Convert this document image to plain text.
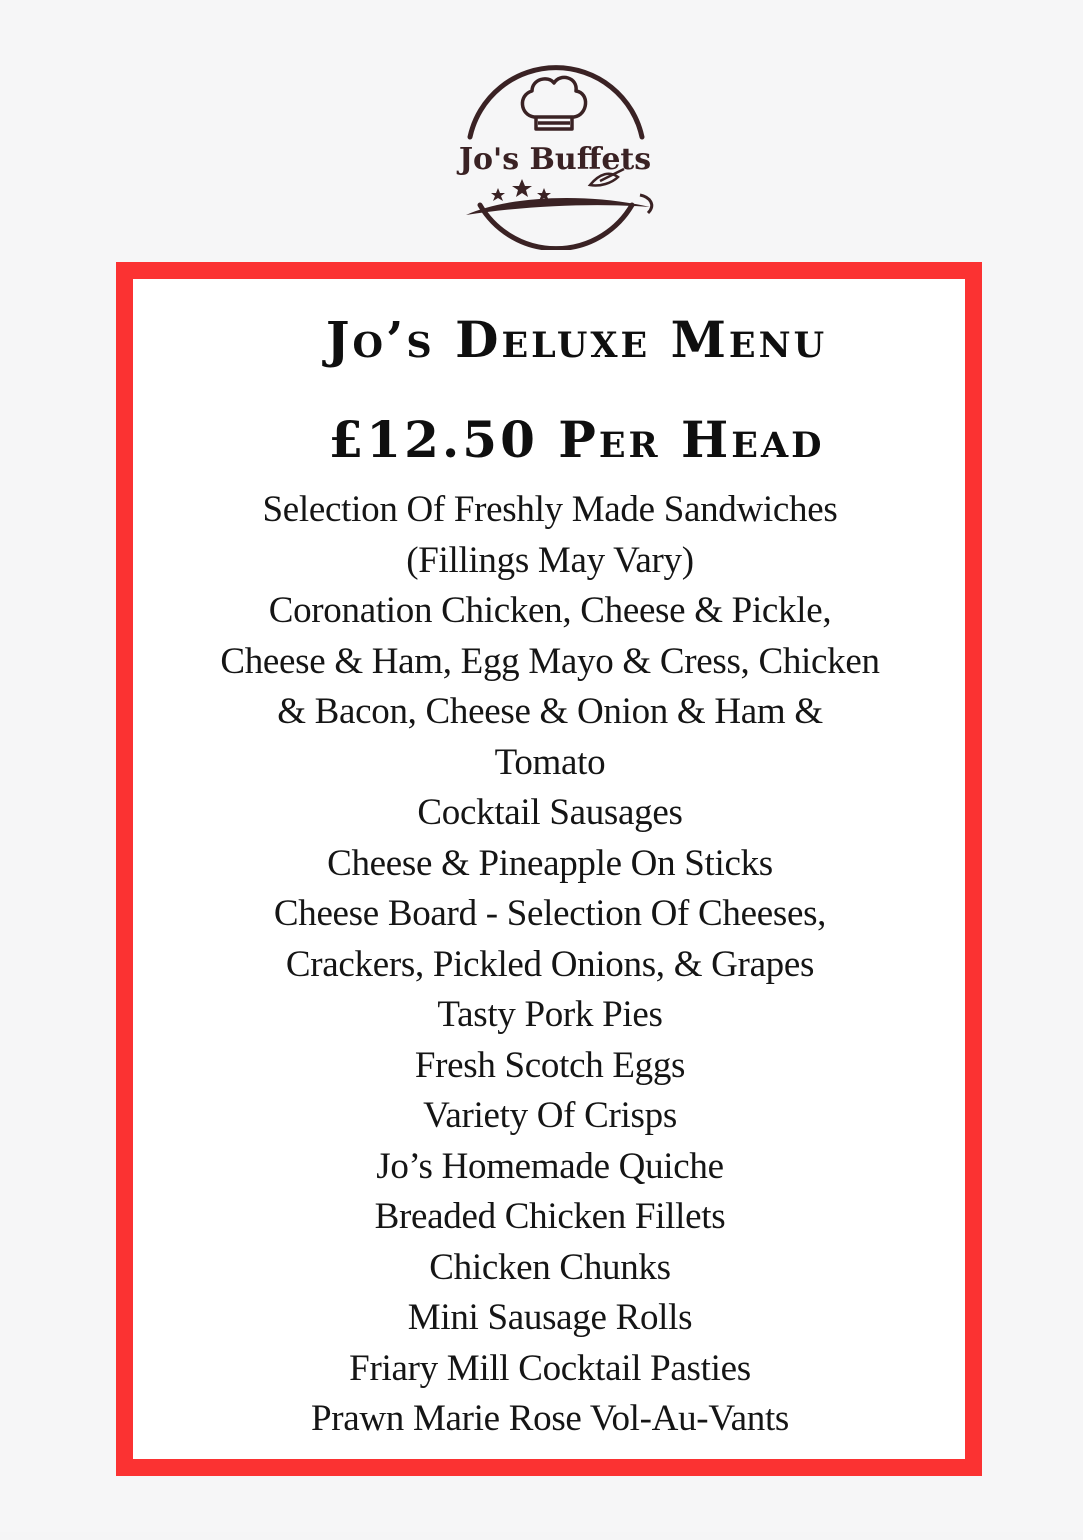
Jo's Buffets
Jo’s Deluxe Menu
£12.50 Per Head
Selection Of Freshly Made Sandwiches
(Fillings May Vary)
Coronation Chicken, Cheese & Pickle,
Cheese & Ham, Egg Mayo & Cress, Chicken
& Bacon, Cheese & Onion & Ham &
Tomato
Cocktail Sausages
Cheese & Pineapple On Sticks
Cheese Board - Selection Of Cheeses,
Crackers, Pickled Onions, & Grapes
Tasty Pork Pies
Fresh Scotch Eggs
Variety Of Crisps
Jo’s Homemade Quiche
Breaded Chicken Fillets
Chicken Chunks
Mini Sausage Rolls
Friary Mill Cocktail Pasties
Prawn Marie Rose Vol-Au-Vants
